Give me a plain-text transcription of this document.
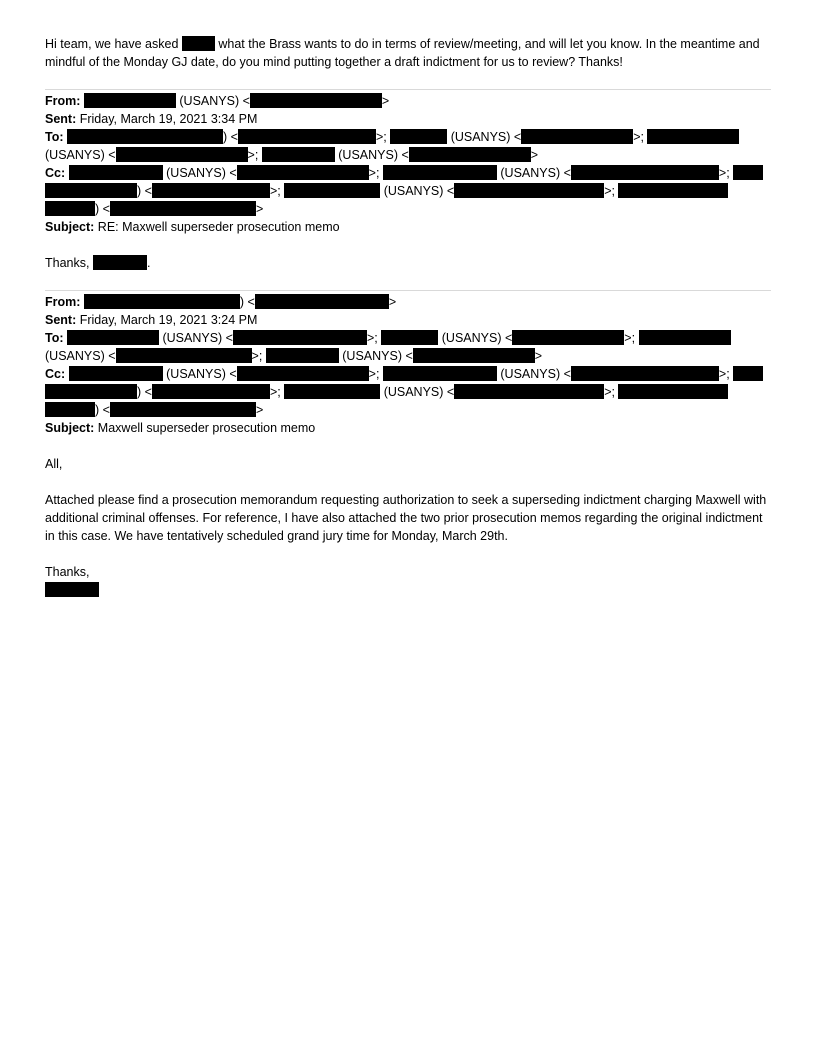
Hi team, we have asked	what the Brass wants to do in terms of review/meeting, and will let you know. In the meantime and mindful of the Monday GJ date, do you mind putting together a draft indictment for us to review? Thanks!

From:	(USANYS) <	>

Sent: Friday, March 19, 2021 3:34 PM

To:	) <	>;	(USANYS) <	>;

(USANYS) <	>;	(USANYS) <	>

Cc:	(USANYS) <	>;	(USANYS) <	>;

) <	>;	(USANYS) <	>;

) <	>

Subject: RE: Maxwell superseder prosecution memo

Thanks,	.

From:	) <	>

Sent: Friday, March 19, 2021 3:24 PM

To:	(USANYS) <	>;	(USANYS) <	>;

(USANYS) <	>;	(USANYS) <	>

Cc:	(USANYS) <	>;	(USANYS) <	>;

) <	>;	(USANYS) <	>;

) <	>

Subject: Maxwell superseder prosecution memo

All,

Attached please find a prosecution memorandum requesting authorization to seek a superseding indictment charging Maxwell with additional criminal offenses. For reference, I have also attached the two prior prosecution memos regarding the original indictment in this case. We have tentatively scheduled grand jury time for Monday, March 29th.

Thanks,
